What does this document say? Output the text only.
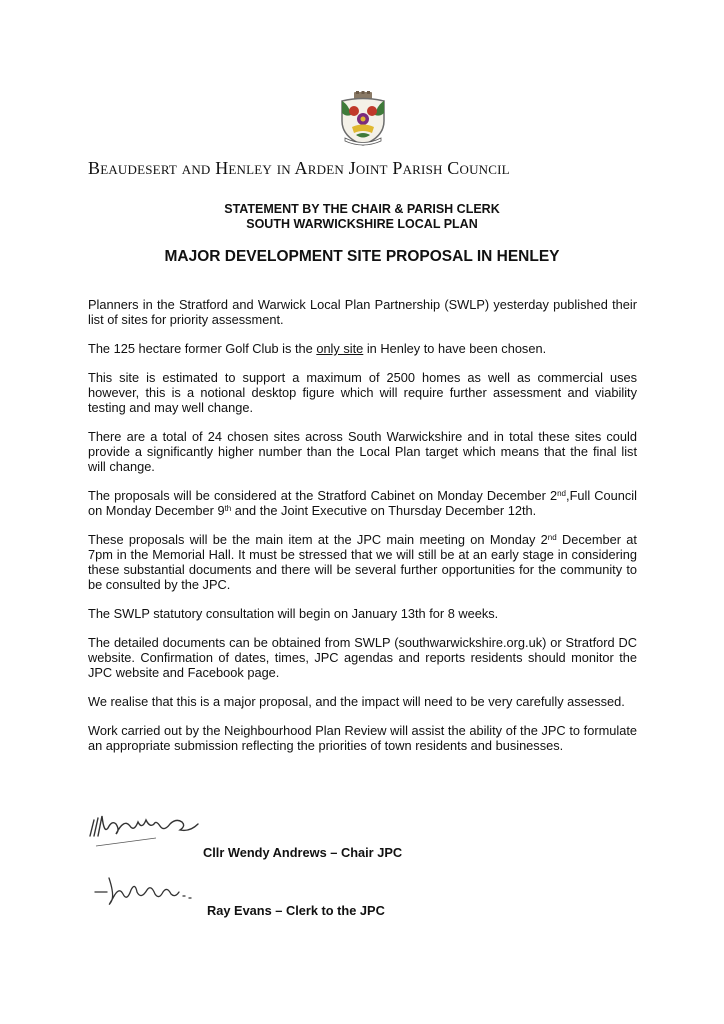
Beaudesert and Henley in Arden Joint Parish Council
STATEMENT BY THE CHAIR & PARISH CLERK
SOUTH WARWICKSHIRE LOCAL PLAN
MAJOR DEVELOPMENT SITE PROPOSAL IN HENLEY

Planners in the Stratford and Warwick Local Plan Partnership (SWLP) yesterday published their list of sites for priority assessment.

The 125 hectare former Golf Club is the only site in Henley to have been chosen.

This site is estimated to support a maximum of 2500 homes as well as commercial uses however, this is a notional desktop figure which will require further assessment and viability testing and may well change.

There are a total of 24 chosen sites across South Warwickshire and in total these sites could provide a significantly higher number than the Local Plan target which means that the final list will change.

The proposals will be considered at the Stratford Cabinet on Monday December 2nd,Full Council on Monday December 9th and the Joint Executive on Thursday December 12th.

These proposals will be the main item at the JPC main meeting on Monday 2nd December at 7pm in the Memorial Hall. It must be stressed that we will still be at an early stage in considering these substantial documents and there will be several further opportunities for the community to be consulted by the JPC.

The SWLP statutory consultation will begin on January 13th for 8 weeks.

The detailed documents can be obtained from SWLP (southwarwickshire.org.uk) or Stratford DC website. Confirmation of dates, times, JPC agendas and reports residents should monitor the JPC website and Facebook page.

We realise that this is a major proposal, and the impact will need to be very carefully assessed.

Work carried out by the Neighbourhood Plan Review will assist the ability of the JPC to formulate an appropriate submission reflecting the priorities of town residents and businesses.

Cllr Wendy Andrews – Chair JPC
Ray Evans – Clerk to the JPC
